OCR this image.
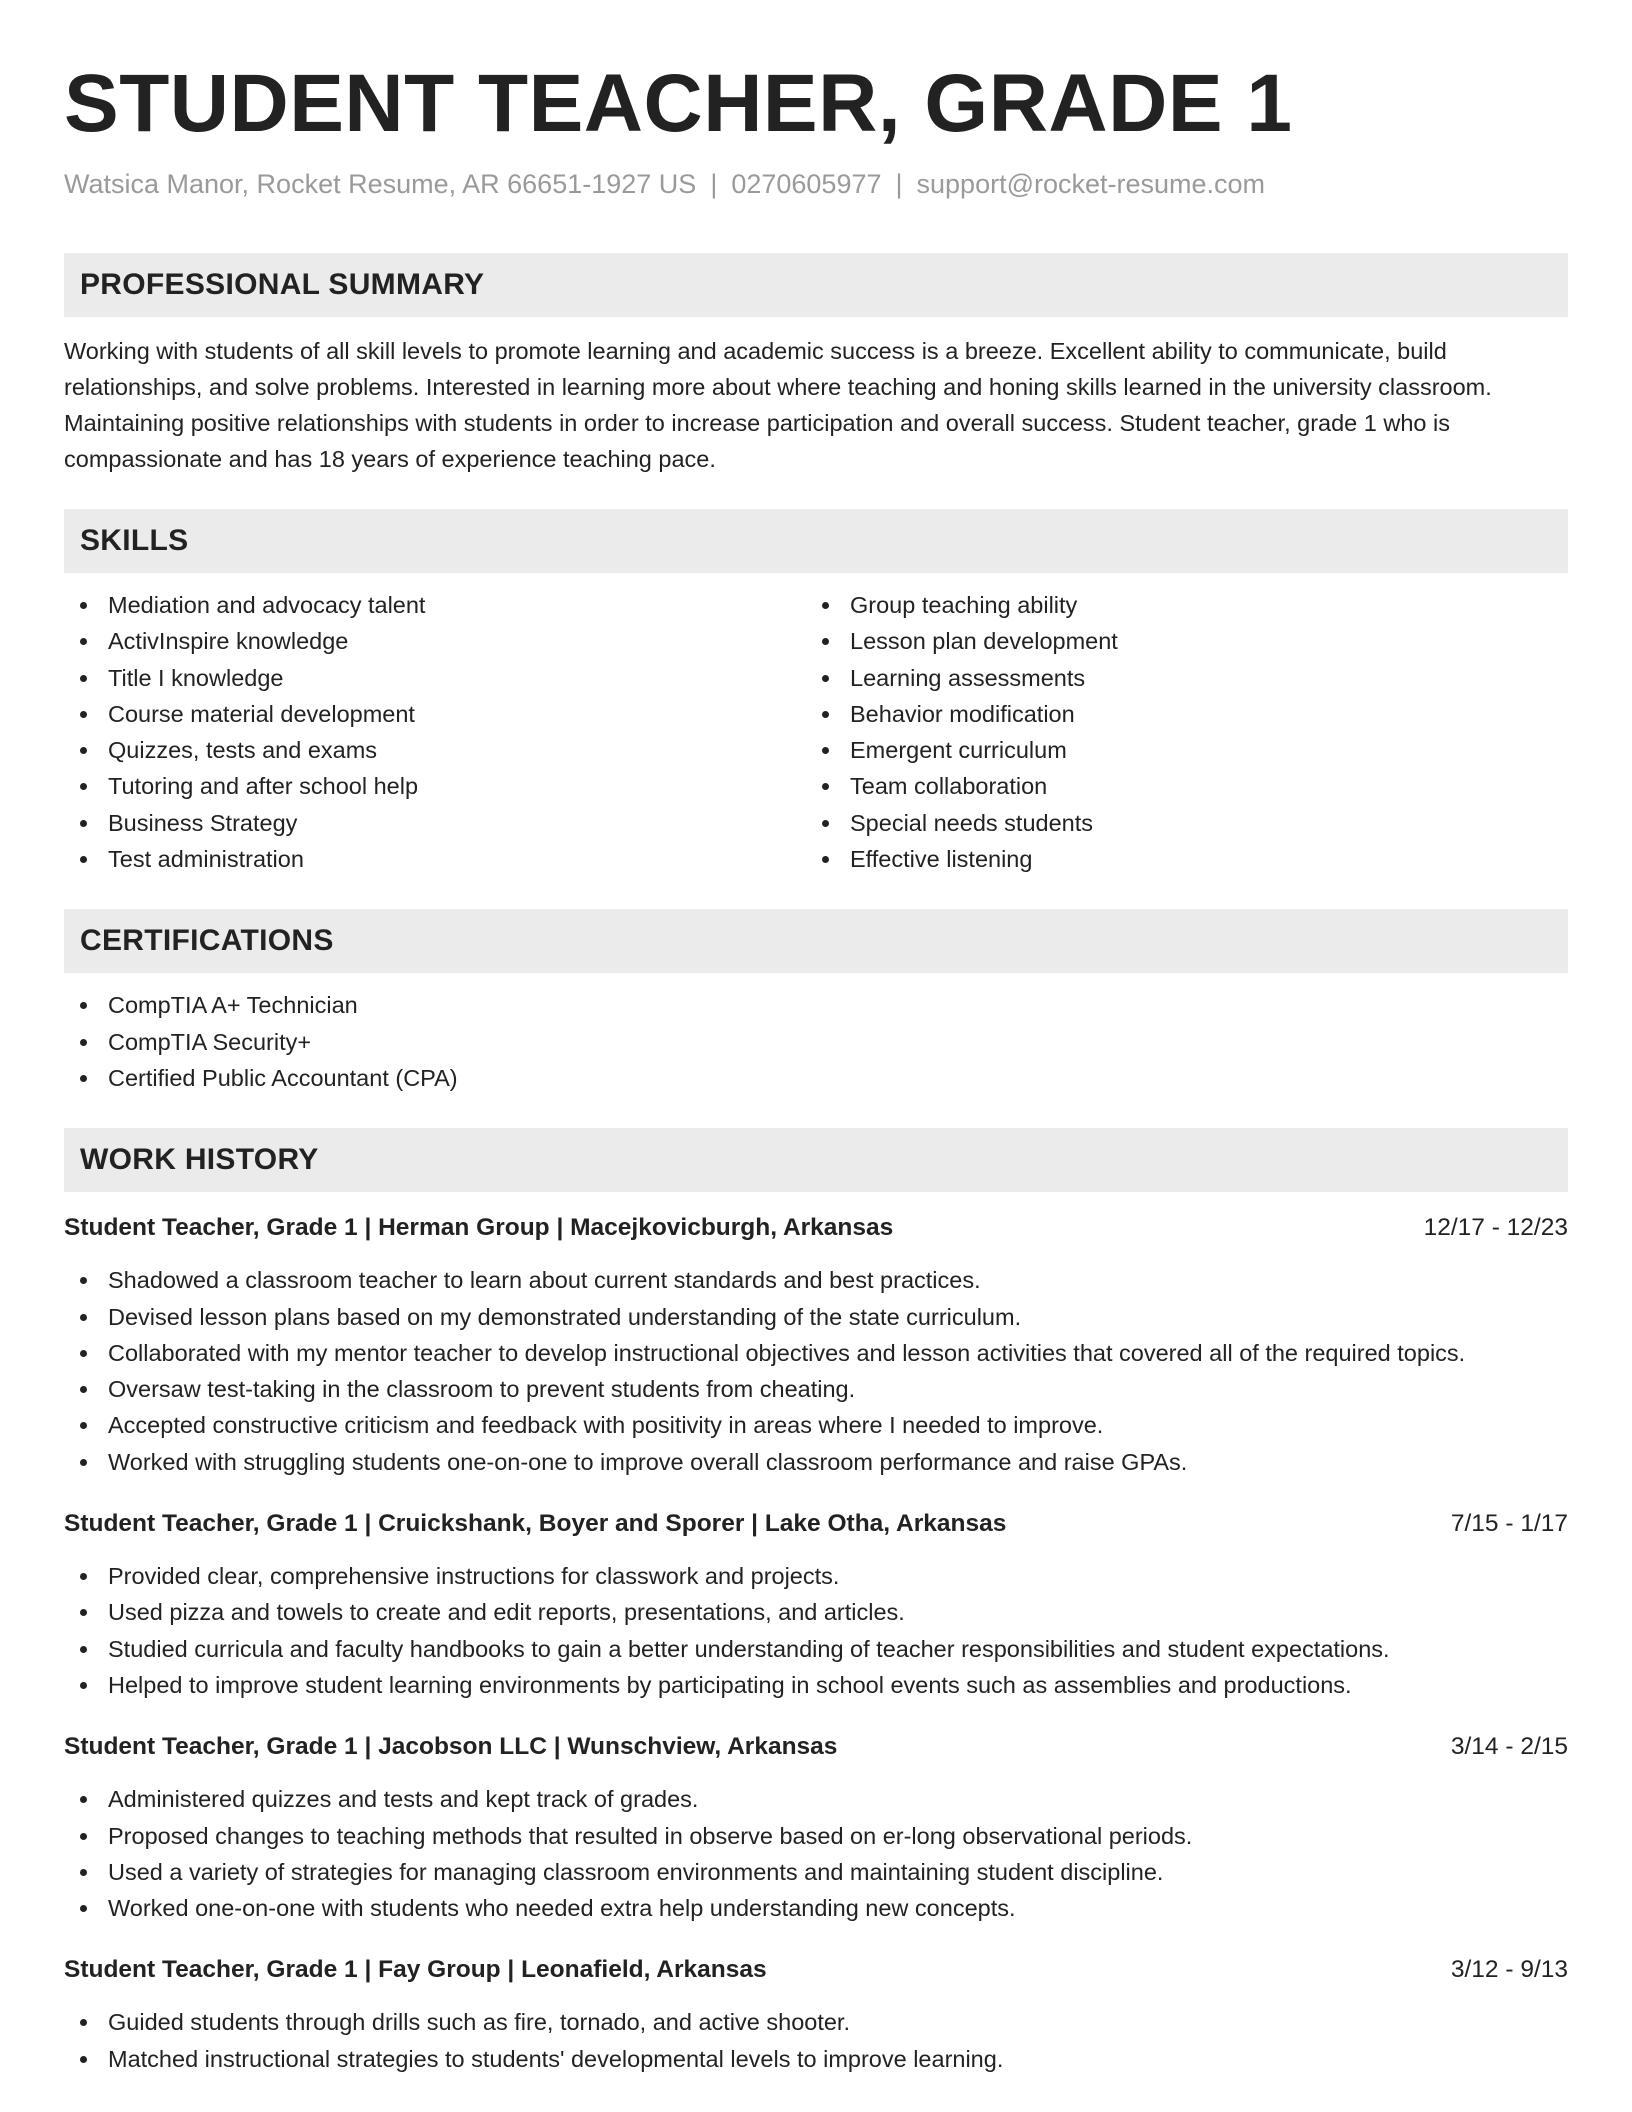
STUDENT TEACHER, GRADE 1
Watsica Manor, Rocket Resume, AR 66651-1927 US | 0270605977 | support@rocket-resume.com
PROFESSIONAL SUMMARY

Working with students of all skill levels to promote learning and academic success is a breeze. Excellent ability to communicate, build relationships, and solve problems. Interested in learning more about where teaching and honing skills learned in the university classroom. Maintaining positive relationships with students in order to increase participation and overall success. Student teacher, grade 1 who is compassionate and has 18 years of experience teaching pace.

SKILLS
Mediation and advocacy talent
ActivInspire knowledge
Title I knowledge
Course material development
Quizzes, tests and exams
Tutoring and after school help
Business Strategy
Test administration
Group teaching ability
Lesson plan development
Learning assessments
Behavior modification
Emergent curriculum
Team collaboration
Special needs students
Effective listening
CERTIFICATIONS
CompTIA A+ Technician
CompTIA Security+
Certified Public Accountant (CPA)
WORK HISTORY
Student Teacher, Grade 1 | Herman Group | Macejkovicburgh, Arkansas	12/17 - 12/23
Shadowed a classroom teacher to learn about current standards and best practices.
Devised lesson plans based on my demonstrated understanding of the state curriculum.
Collaborated with my mentor teacher to develop instructional objectives and lesson activities that covered all of the required topics.
Oversaw test-taking in the classroom to prevent students from cheating.
Accepted constructive criticism and feedback with positivity in areas where I needed to improve.
Worked with struggling students one-on-one to improve overall classroom performance and raise GPAs.
Student Teacher, Grade 1 | Cruickshank, Boyer and Sporer | Lake Otha, Arkansas	7/15 - 1/17
Provided clear, comprehensive instructions for classwork and projects.
Used pizza and towels to create and edit reports, presentations, and articles.
Studied curricula and faculty handbooks to gain a better understanding of teacher responsibilities and student expectations.
Helped to improve student learning environments by participating in school events such as assemblies and productions.
Student Teacher, Grade 1 | Jacobson LLC | Wunschview, Arkansas	3/14 - 2/15
Administered quizzes and tests and kept track of grades.
Proposed changes to teaching methods that resulted in observe based on er-long observational periods.
Used a variety of strategies for managing classroom environments and maintaining student discipline.
Worked one-on-one with students who needed extra help understanding new concepts.
Student Teacher, Grade 1 | Fay Group | Leonafield, Arkansas	3/12 - 9/13
Guided students through drills such as fire, tornado, and active shooter.
Matched instructional strategies to students' developmental levels to improve learning.
